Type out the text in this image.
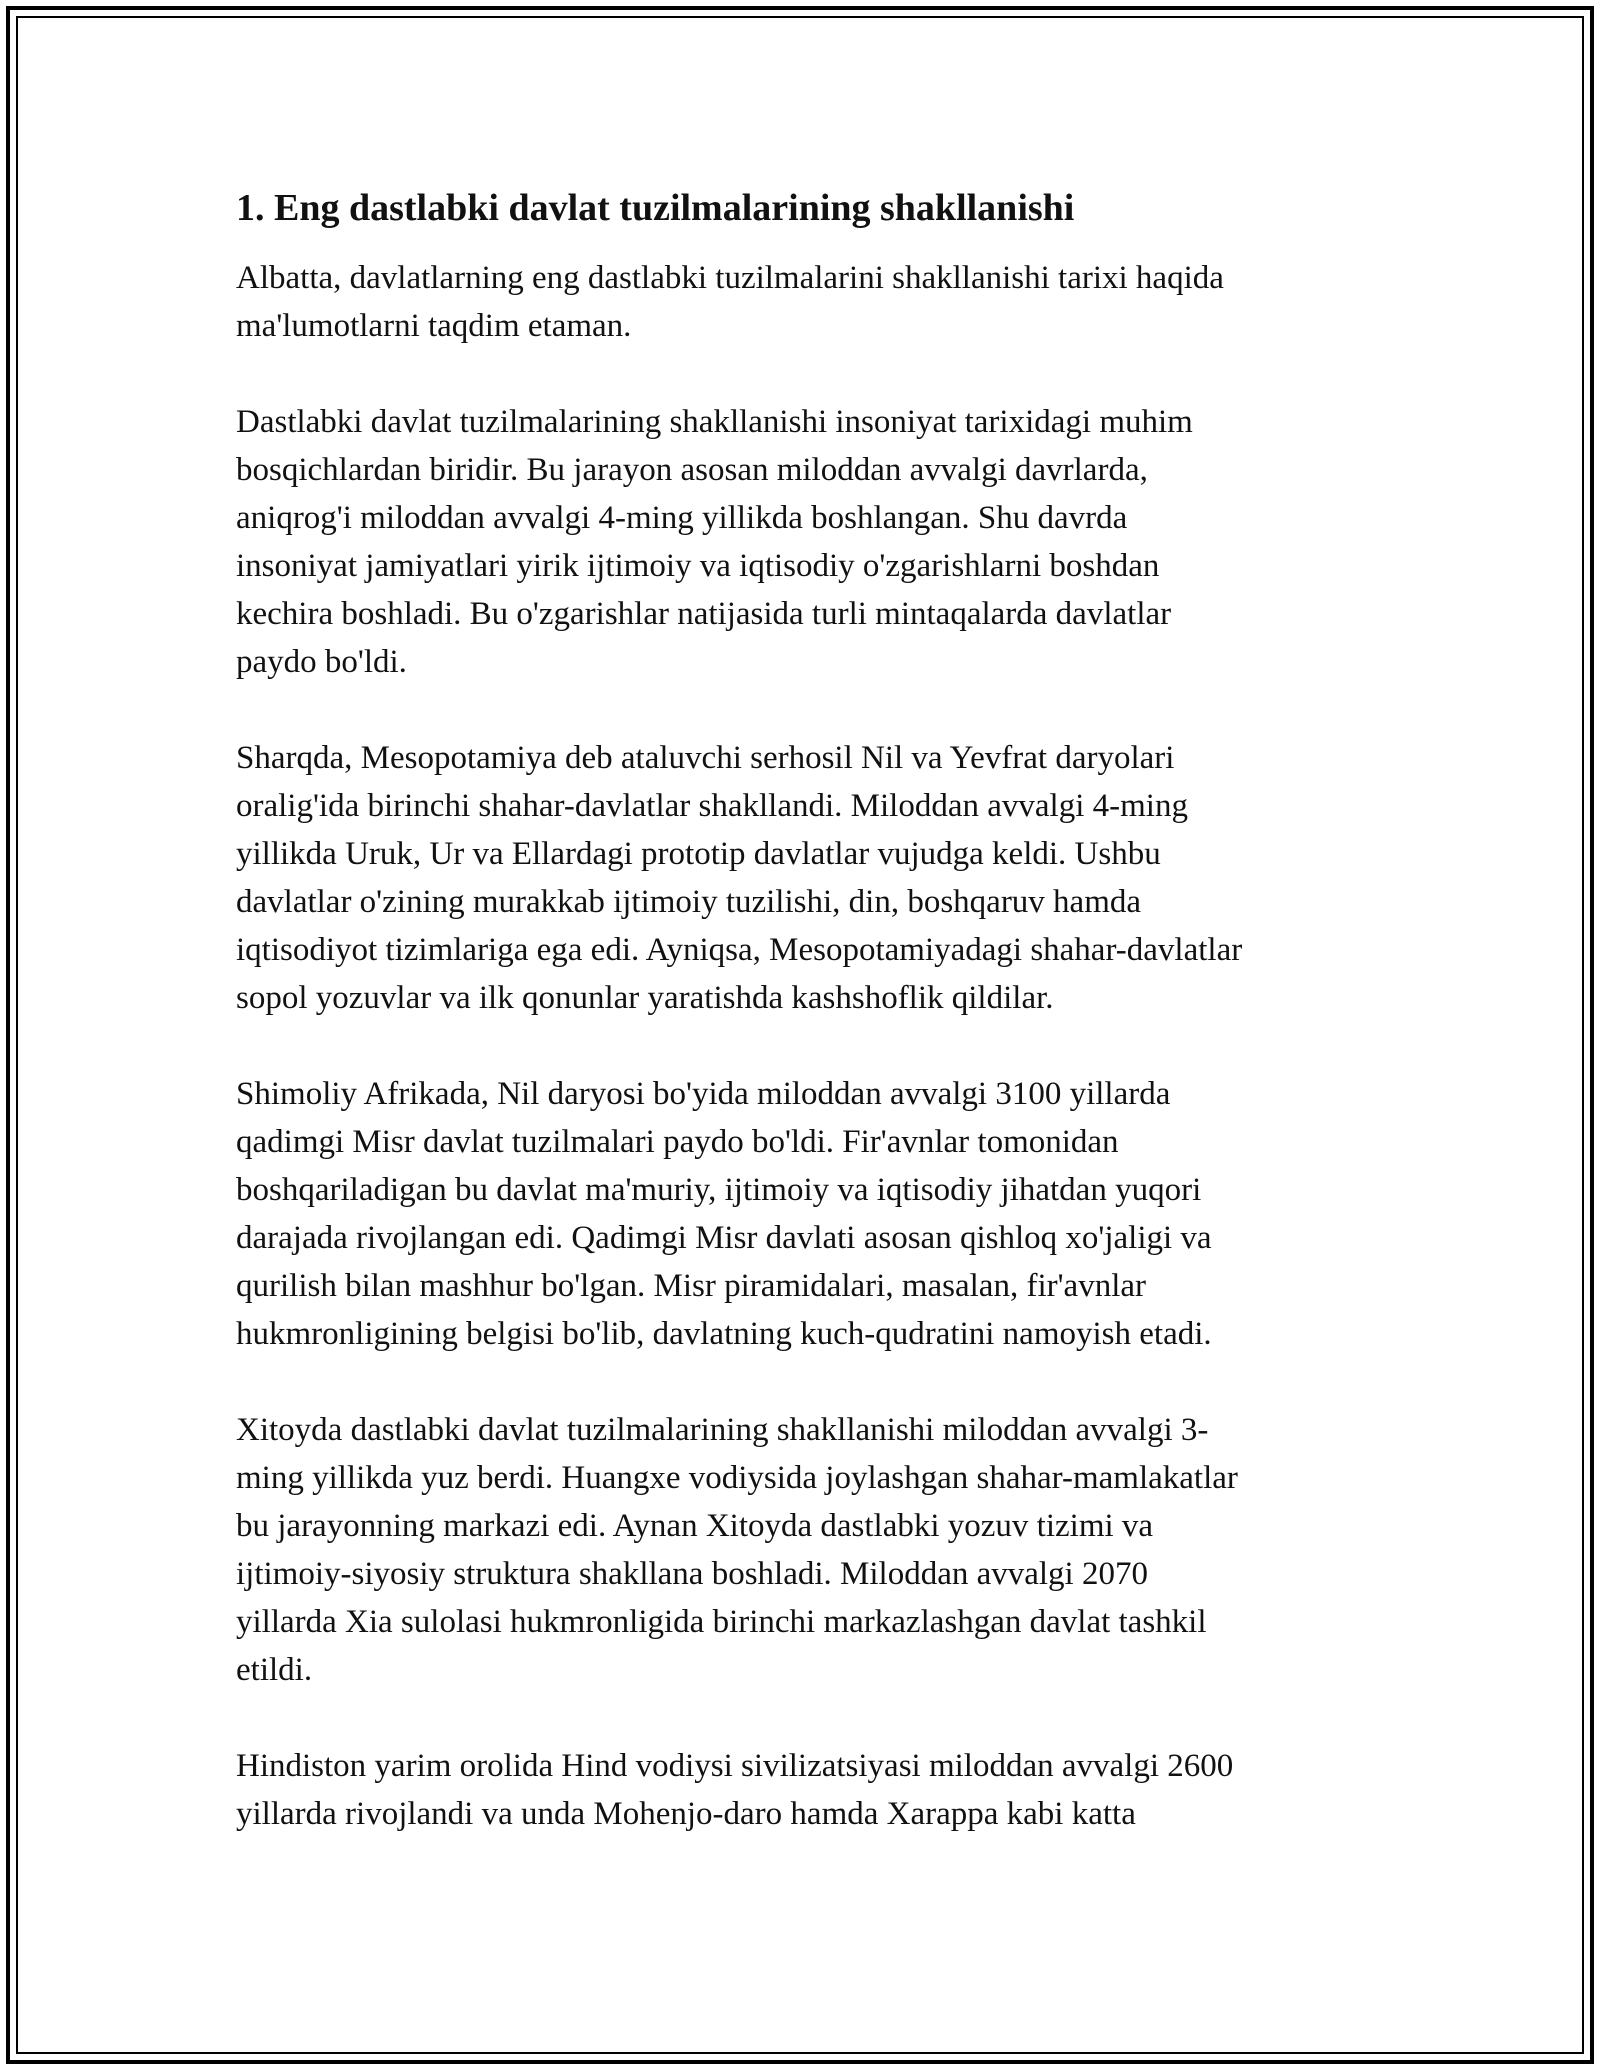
1. Eng dastlabki davlat tuzilmalarining shakllanishi

Albatta, davlatlarning eng dastlabki tuzilmalarini shakllanishi tarixi haqida
ma'lumotlarni taqdim etaman.

Dastlabki davlat tuzilmalarining shakllanishi insoniyat tarixidagi muhim
bosqichlardan biridir. Bu jarayon asosan miloddan avvalgi davrlarda,
aniqrog'i miloddan avvalgi 4-ming yillikda boshlangan. Shu davrda
insoniyat jamiyatlari yirik ijtimoiy va iqtisodiy o'zgarishlarni boshdan
kechira boshladi. Bu o'zgarishlar natijasida turli mintaqalarda davlatlar
paydo bo'ldi.

Sharqda, Mesopotamiya deb ataluvchi serhosil Nil va Yevfrat daryolari
oralig'ida birinchi shahar-davlatlar shakllandi. Miloddan avvalgi 4-ming
yillikda Uruk, Ur va Ellardagi prototip davlatlar vujudga keldi. Ushbu
davlatlar o'zining murakkab ijtimoiy tuzilishi, din, boshqaruv hamda
iqtisodiyot tizimlariga ega edi. Ayniqsa, Mesopotamiyadagi shahar-davlatlar
sopol yozuvlar va ilk qonunlar yaratishda kashshoflik qildilar.

Shimoliy Afrikada, Nil daryosi bo'yida miloddan avvalgi 3100 yillarda
qadimgi Misr davlat tuzilmalari paydo bo'ldi. Fir'avnlar tomonidan
boshqariladigan bu davlat ma'muriy, ijtimoiy va iqtisodiy jihatdan yuqori
darajada rivojlangan edi. Qadimgi Misr davlati asosan qishloq xo'jaligi va
qurilish bilan mashhur bo'lgan. Misr piramidalari, masalan, fir'avnlar
hukmronligining belgisi bo'lib, davlatning kuch-qudratini namoyish etadi.

Xitoyda dastlabki davlat tuzilmalarining shakllanishi miloddan avvalgi 3-
ming yillikda yuz berdi. Huangxe vodiysida joylashgan shahar-mamlakatlar
bu jarayonning markazi edi. Aynan Xitoyda dastlabki yozuv tizimi va
ijtimoiy-siyosiy struktura shakllana boshladi. Miloddan avvalgi 2070
yillarda Xia sulolasi hukmronligida birinchi markazlashgan davlat tashkil
etildi.

Hindiston yarim orolida Hind vodiysi sivilizatsiyasi miloddan avvalgi 2600
yillarda rivojlandi va unda Mohenjo-daro hamda Xarappa kabi katta
